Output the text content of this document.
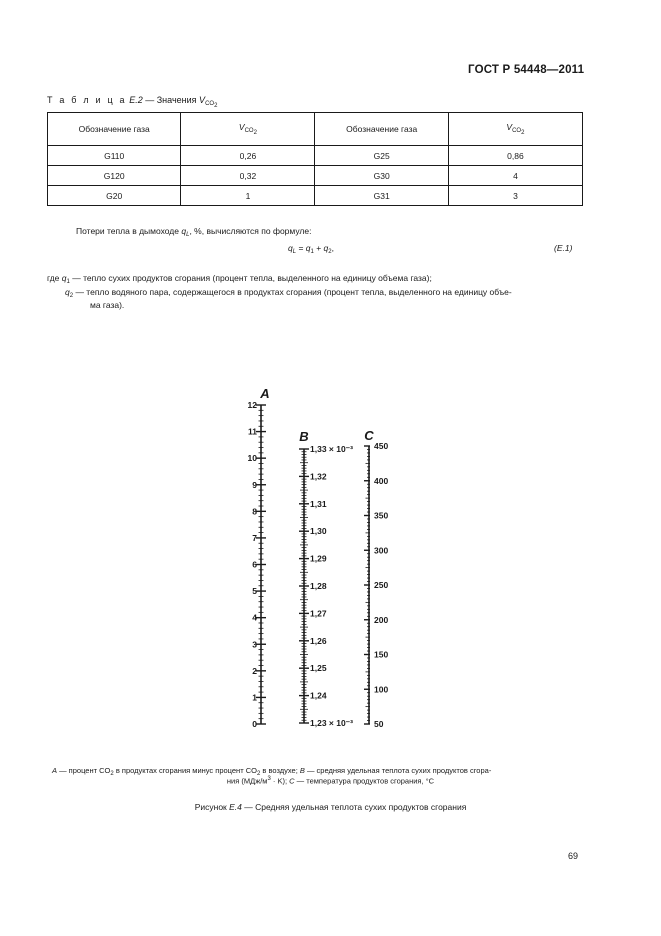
ГОСТ Р 54448—2011
Т а б л и ц а E.2 — Значения $V_{CO_2}$
Обозначение газа	$V_{CO_2}$	Обозначение газа	$V_{CO_2}$
G110	0,26	G25	0,86
G120	0,32	G30	4
G20	1	G31	3
Потери тепла в дымоходе $q_L$, %, вычисляются по формуле:
$q_L = q_1 + q_2$,	(E.1)
где $q_1$ — тепло сухих продуктов сгорания (процент тепла, выделенного на единицу объема газа);
$q_2$ — тепло водяного пара, содержащегося в продуктах сгорания (процент тепла, выделенного на единицу объе-
ма газа).
A
0
1
2
3
4
5
6
7
8
9
10
11
12
B
1,23 × 10⁻³
1,24
1,25
1,26
1,27
1,28
1,29
1,30
1,31
1,32
1,33 × 10⁻³
C
50
100
150
200
250
300
350
400
450
A — процент $CO_2$ в продуктах сгорания минус процент $CO_2$ в воздухе; B — средняя удельная теплота сухих продуктов сгора-
ния $(МДж/м^3 \cdot K)$; C — температура продуктов сгорания, °С
Рисунок E.4 — Средняя удельная теплота сухих продуктов сгорания
69
